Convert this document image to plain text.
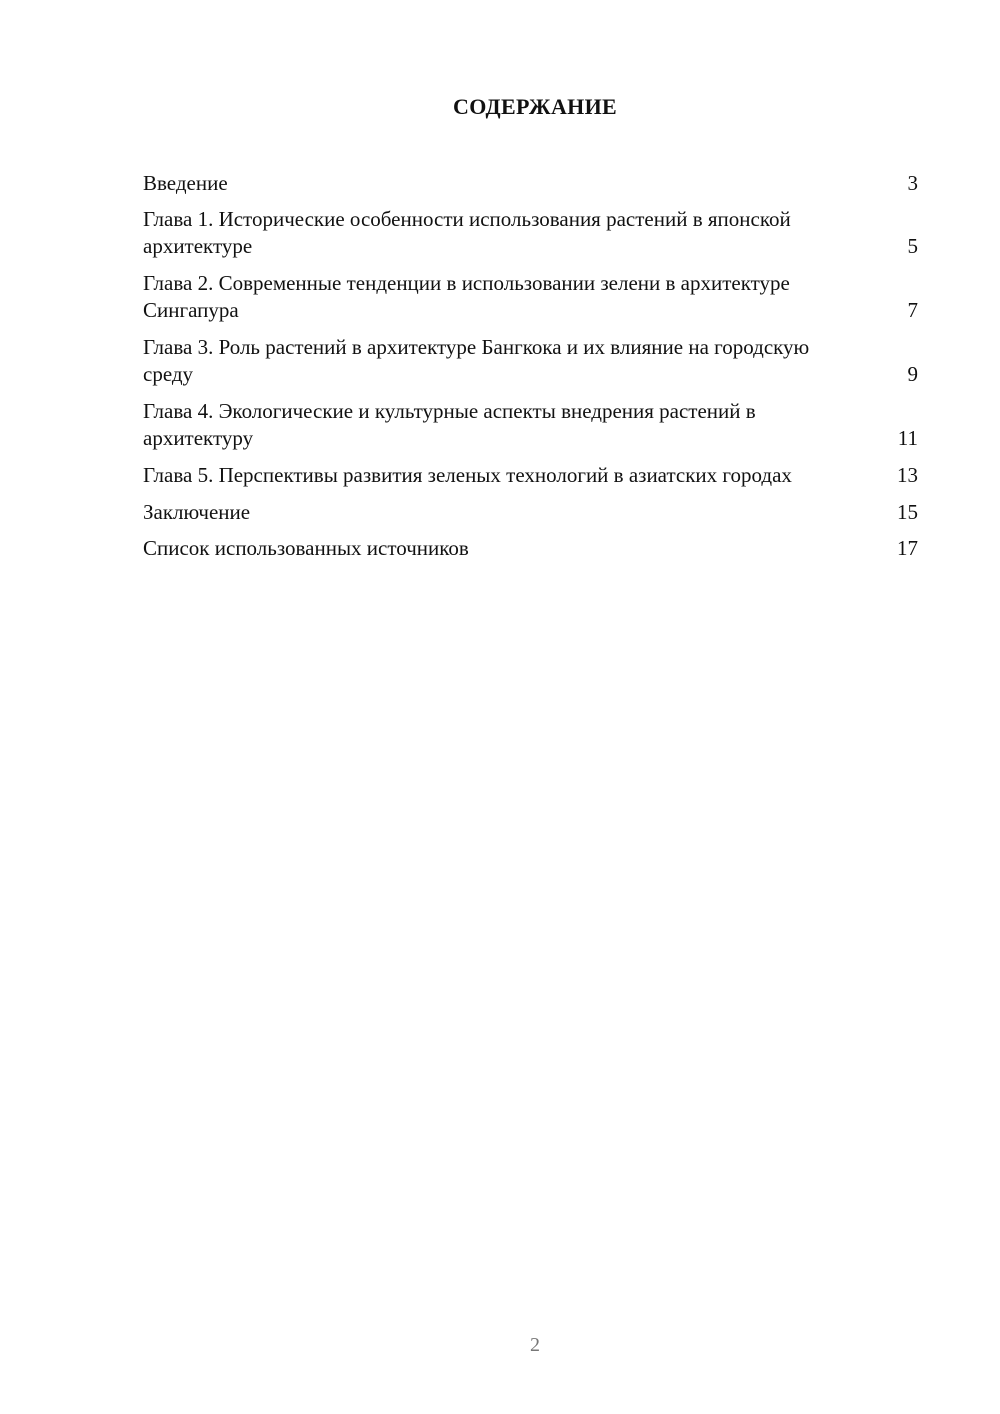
СОДЕРЖАНИЕ
Введение	3
Глава 1. Исторические особенности использования растений в японской архитектуре	5
Глава 2. Современные тенденции в использовании зелени в архитектуре Сингапура	7
Глава 3. Роль растений в архитектуре Бангкока и их влияние на городскую среду	9
Глава 4. Экологические и культурные аспекты внедрения растений в архитектуру	11
Глава 5. Перспективы развития зеленых технологий в азиатских городах	13
Заключение	15
Список использованных источников	17
2
